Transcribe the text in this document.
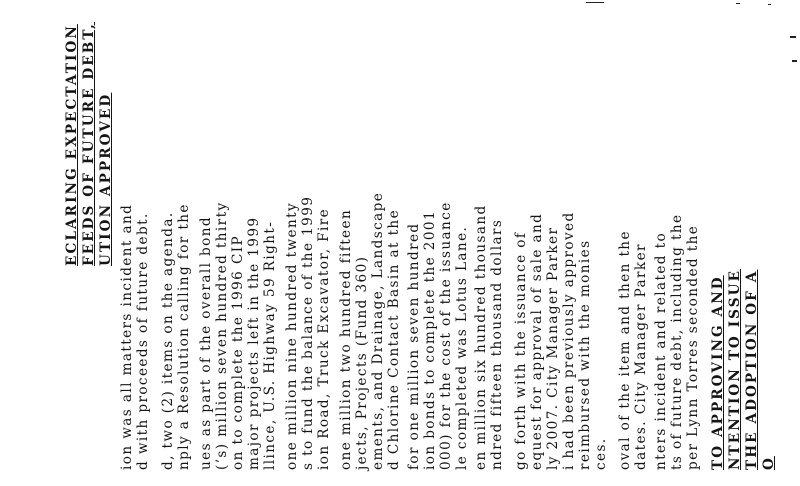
ECLARING EXPECTATION FEEDS OF FUTURE DEBT, UTION APPROVED
ion was all matters incident and d with proceeds of future debt. d, two (2) items on the agenda. nply a Resolution calling for the ues as part of the overall bond (’s) million seven hundred thirty on to complete the 1996 CIP major projects left in the 1999 llince, U.S. Highway 59 Right- one million nine hundred twenty s to fund the balance of the 1999 ion Road, Truck Excavator, Fire one million two hundred fifteen jects, Projects (Fund 360) ements, and Drainage, Landscape d Chlorine Contact Basin at the for one million seven hundred ion bonds to complete the 2001 000) for the cost of the issuance le completed was Lotus Lane. en million six hundred thousand ndred fifteen thousand dollars go forth with the issuance of equest for approval of sale and ly 2007. City Manager Parker i had been previously approved reimbursed with the monies ces. oval of the item and then the dates. City Manager Parker nters incident and related to ts of future debt, including the per Lynn Torres seconded the TO APPROVING AND NTENTION TO ISSUE THE ADOPTION OF A O
